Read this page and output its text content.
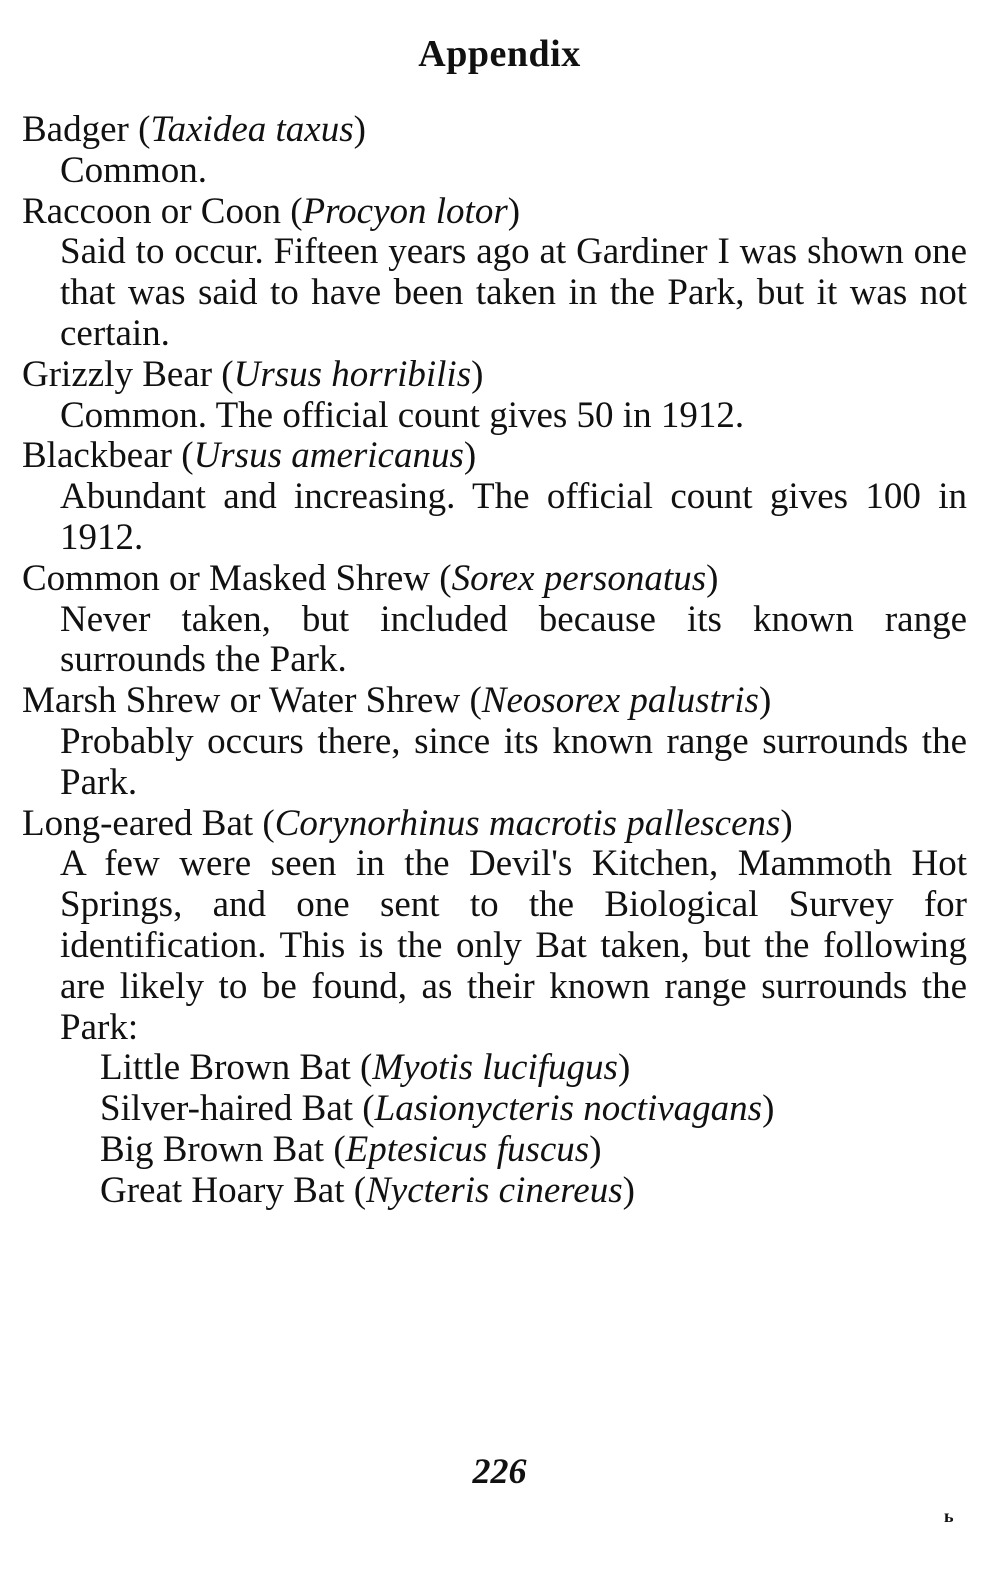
Appendix

Badger (Taxidea taxus)

Common.

Raccoon or Coon (Procyon lotor)

Said to occur. Fifteen years ago at Gardiner I was shown one that was said to have been taken in the Park, but it was not certain.

Grizzly Bear (Ursus horribilis)

Common. The official count gives 50 in 1912.

Blackbear (Ursus americanus)

Abundant and increasing. The official count gives 100 in 1912.

Common or Masked Shrew (Sorex personatus)

Never taken, but included because its known range surrounds the Park.

Marsh Shrew or Water Shrew (Neosorex palustris)

Probably occurs there, since its known range surrounds the Park.

Long-eared Bat (Corynorhinus macrotis pallescens)

A few were seen in the Devil's Kitchen, Mammoth Hot Springs, and one sent to the Biological Survey for identification. This is the only Bat taken, but the following are likely to be found, as their known range surrounds the Park:

Little Brown Bat (Myotis lucifugus)
Silver-haired Bat (Lasionycteris noctivagans)
Big Brown Bat (Eptesicus fuscus)
Great Hoary Bat (Nycteris cinereus)
226
ь
